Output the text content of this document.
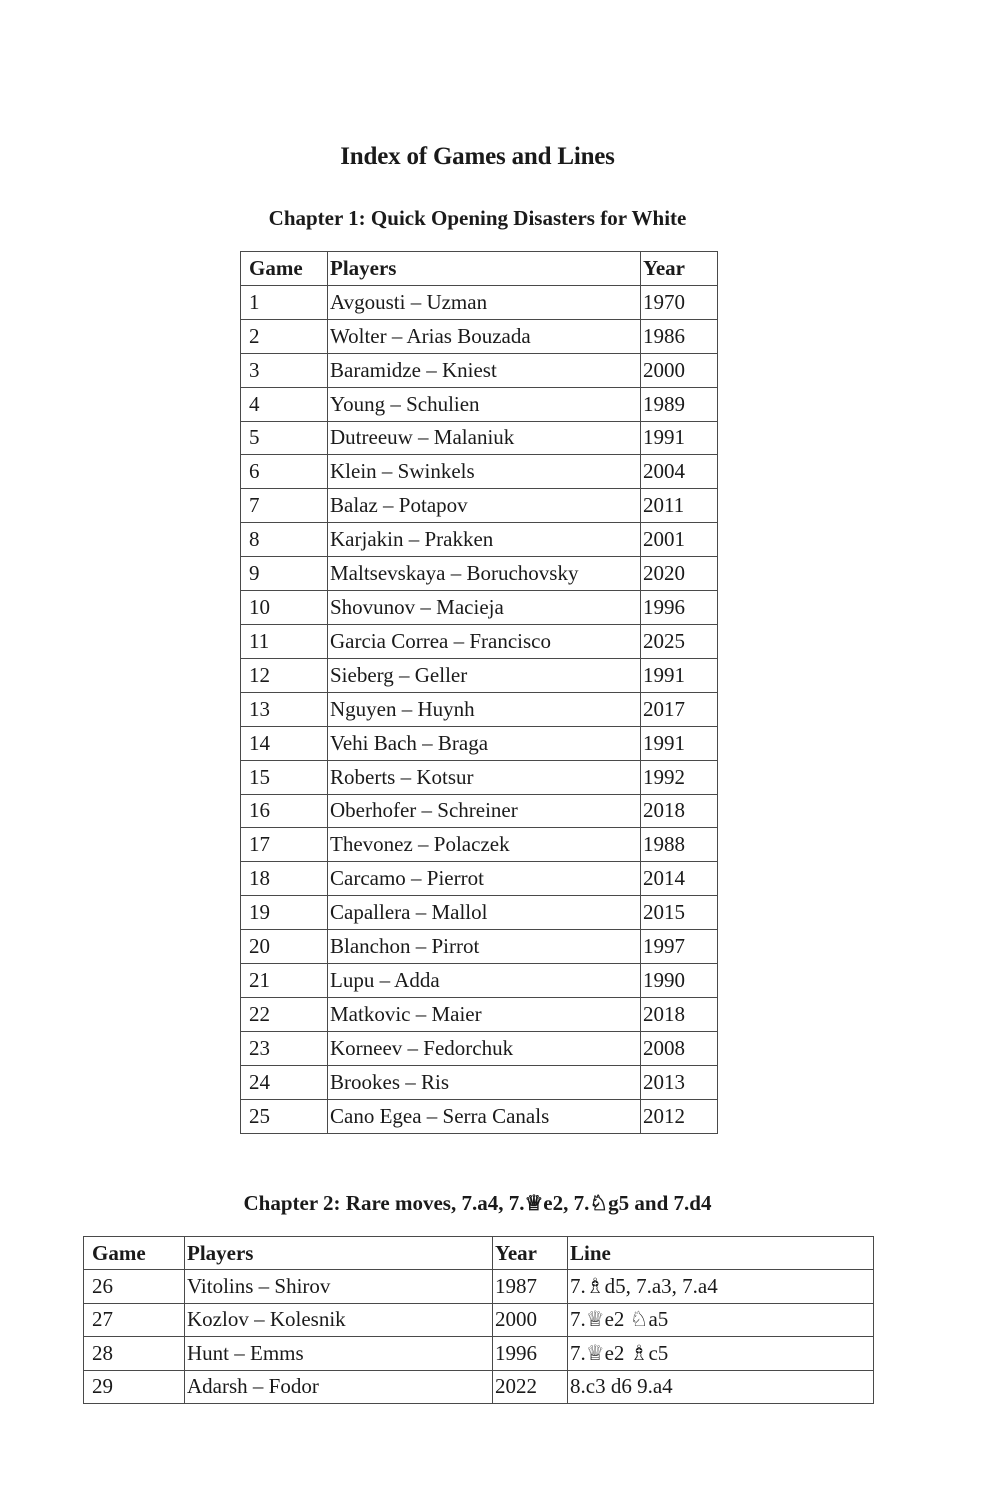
Index of Games and Lines
Chapter 1: Quick Opening Disasters for White
Game	Players	Year
1	Avgousti – Uzman	1970
2	Wolter – Arias Bouzada	1986
3	Baramidze – Kniest	2000
4	Young – Schulien	1989
5	Dutreeuw – Malaniuk	1991
6	Klein – Swinkels	2004
7	Balaz – Potapov	2011
8	Karjakin – Prakken	2001
9	Maltsevskaya – Boruchovsky	2020
10	Shovunov – Macieja	1996
11	Garcia Correa – Francisco	2025
12	Sieberg – Geller	1991
13	Nguyen – Huynh	2017
14	Vehi Bach – Braga	1991
15	Roberts – Kotsur	1992
16	Oberhofer – Schreiner	2018
17	Thevonez – Polaczek	1988
18	Carcamo – Pierrot	2014
19	Capallera – Mallol	2015
20	Blanchon – Pirrot	1997
21	Lupu – Adda	1990
22	Matkovic – Maier	2018
23	Korneev – Fedorchuk	2008
24	Brookes – Ris	2013
25	Cano Egea – Serra Canals	2012
Chapter 2: Rare moves, 7.a4, 7.♕e2, 7.♘g5 and 7.d4
Game	Players	Year	Line
26	Vitolins – Shirov	1987	7.♗d5, 7.a3, 7.a4
27	Kozlov – Kolesnik	2000	7.♕e2 ♘a5
28	Hunt – Emms	1996	7.♕e2 ♗c5
29	Adarsh – Fodor	2022	8.c3 d6 9.a4
